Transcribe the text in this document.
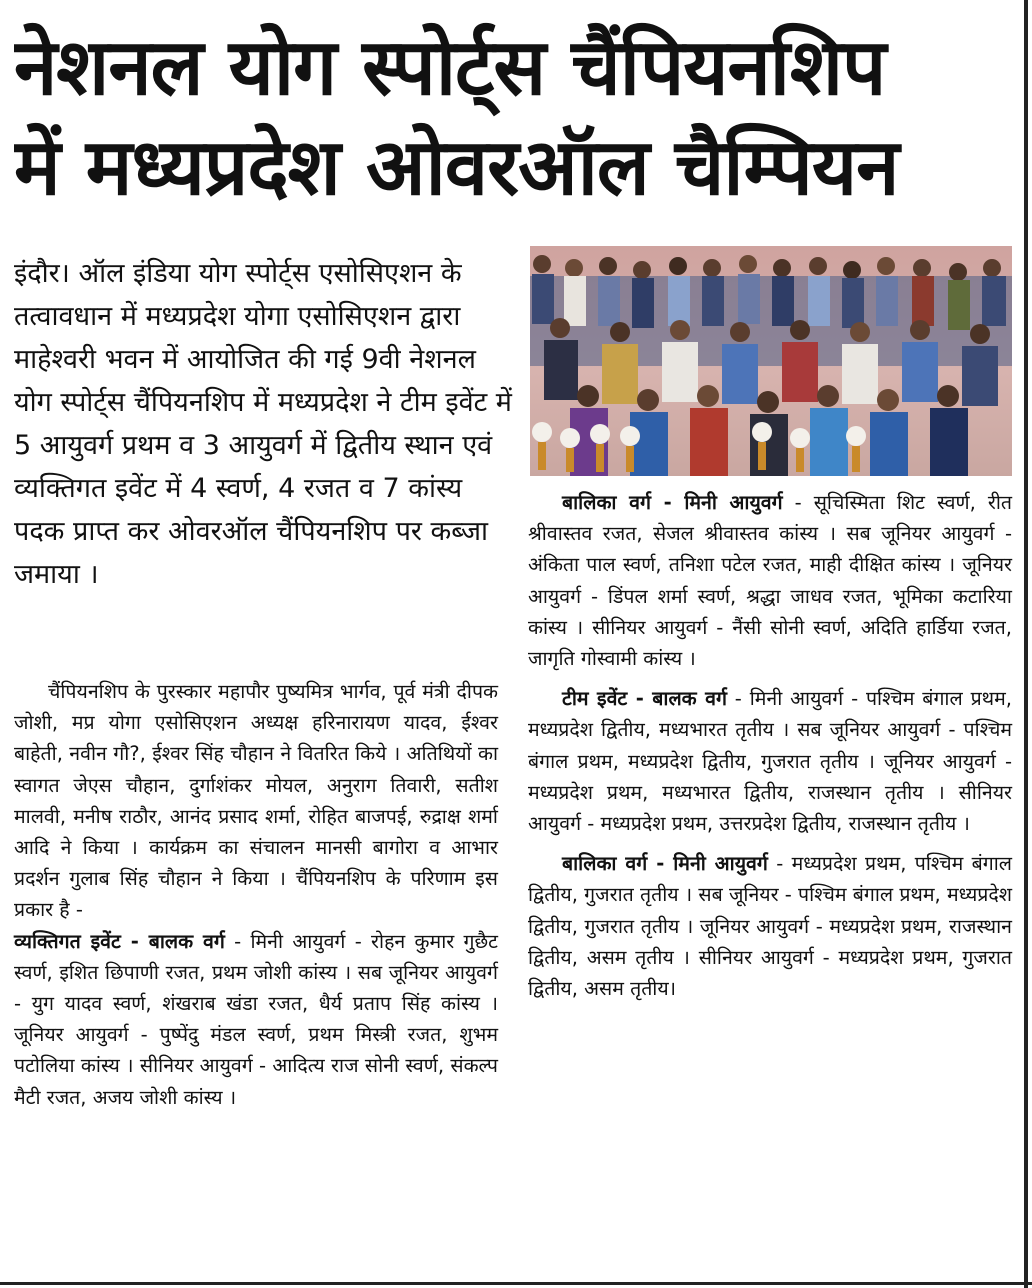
नेशनल योग स्पोर्ट्स चैंपियनशिप
में मध्यप्रदेश ओवरऑल चैम्पियन
इंदौर। ऑल इंडिया योग स्पोर्ट्स एसोसिएशन के तत्वावधान में मध्यप्रदेश योगा एसोसिएशन द्वारा माहेश्वरी भवन में आयोजित की गई 9वी नेशनल योग स्पोर्ट्स चैंपियनशिप में मध्यप्रदेश ने टीम इवेंट में 5 आयुवर्ग प्रथम व 3 आयुवर्ग में द्वितीय स्थान एवं व्यक्तिगत इवेंट में 4 स्वर्ण, 4 रजत व 7 कांस्य पदक प्राप्त कर ओवरऑल चैंपियनशिप पर कब्जा जमाया ।

चैंपियनशिप के पुरस्कार महापौर पुष्यमित्र भार्गव, पूर्व मंत्री दीपक जोशी, मप्र योगा एसोसिएशन अध्यक्ष हरिनारायण यादव, ईश्वर बाहेती, नवीन गौ?, ईश्वर सिंह चौहान ने वितरित किये । अतिथियों का स्वागत जेएस चौहान, दुर्गाशंकर मोयल, अनुराग तिवारी, सतीश मालवी, मनीष राठौर, आनंद प्रसाद शर्मा, रोहित बाजपई, रुद्राक्ष शर्मा आदि ने किया । कार्यक्रम का संचालन मानसी बागोरा व आभार प्रदर्शन गुलाब सिंह चौहान ने किया । चैंपियनशिप के परिणाम इस प्रकार है -

व्यक्तिगत इवेंट - बालक वर्ग - मिनी आयुवर्ग - रोहन कुमार गुछैट स्वर्ण, इशित छिपाणी रजत, प्रथम जोशी कांस्य । सब जूनियर आयुवर्ग - युग यादव स्वर्ण, शंखराब खंडा रजत, धैर्य प्रताप सिंह कांस्य । जूनियर आयुवर्ग - पुष्पेंदु मंडल स्वर्ण, प्रथम मिस्त्री रजत, शुभम पटोलिया कांस्य । सीनियर आयुवर्ग - आदित्य राज सोनी स्वर्ण, संकल्प मैटी रजत, अजय जोशी कांस्य ।

बालिका वर्ग - मिनी आयुवर्ग - सूचिस्मिता शिट स्वर्ण, रीत श्रीवास्तव रजत, सेजल श्रीवास्तव कांस्य । सब जूनियर आयुवर्ग - अंकिता पाल स्वर्ण, तनिशा पटेल रजत, माही दीक्षित कांस्य । जूनियर आयुवर्ग - डिंपल शर्मा स्वर्ण, श्रद्धा जाधव रजत, भूमिका कटारिया कांस्य । सीनियर आयुवर्ग - नैंसी सोनी स्वर्ण, अदिति हार्डिया रजत, जागृति गोस्वामी कांस्य ।

टीम इवेंट - बालक वर्ग - मिनी आयुवर्ग - पश्चिम बंगाल प्रथम, मध्यप्रदेश द्वितीय, मध्यभारत तृतीय । सब जूनियर आयुवर्ग - पश्चिम बंगाल प्रथम, मध्यप्रदेश द्वितीय, गुजरात तृतीय । जूनियर आयुवर्ग - मध्यप्रदेश प्रथम, मध्यभारत द्वितीय, राजस्थान तृतीय । सीनियर आयुवर्ग - मध्यप्रदेश प्रथम, उत्तरप्रदेश द्वितीय, राजस्थान तृतीय ।

बालिका वर्ग - मिनी आयुवर्ग - मध्यप्रदेश प्रथम, पश्चिम बंगाल द्वितीय, गुजरात तृतीय । सब जूनियर - पश्चिम बंगाल प्रथम, मध्यप्रदेश द्वितीय, गुजरात तृतीय । जूनियर आयुवर्ग - मध्यप्रदेश प्रथम, राजस्थान द्वितीय, असम तृतीय । सीनियर आयुवर्ग - मध्यप्रदेश प्रथम, गुजरात द्वितीय, असम तृतीय।
